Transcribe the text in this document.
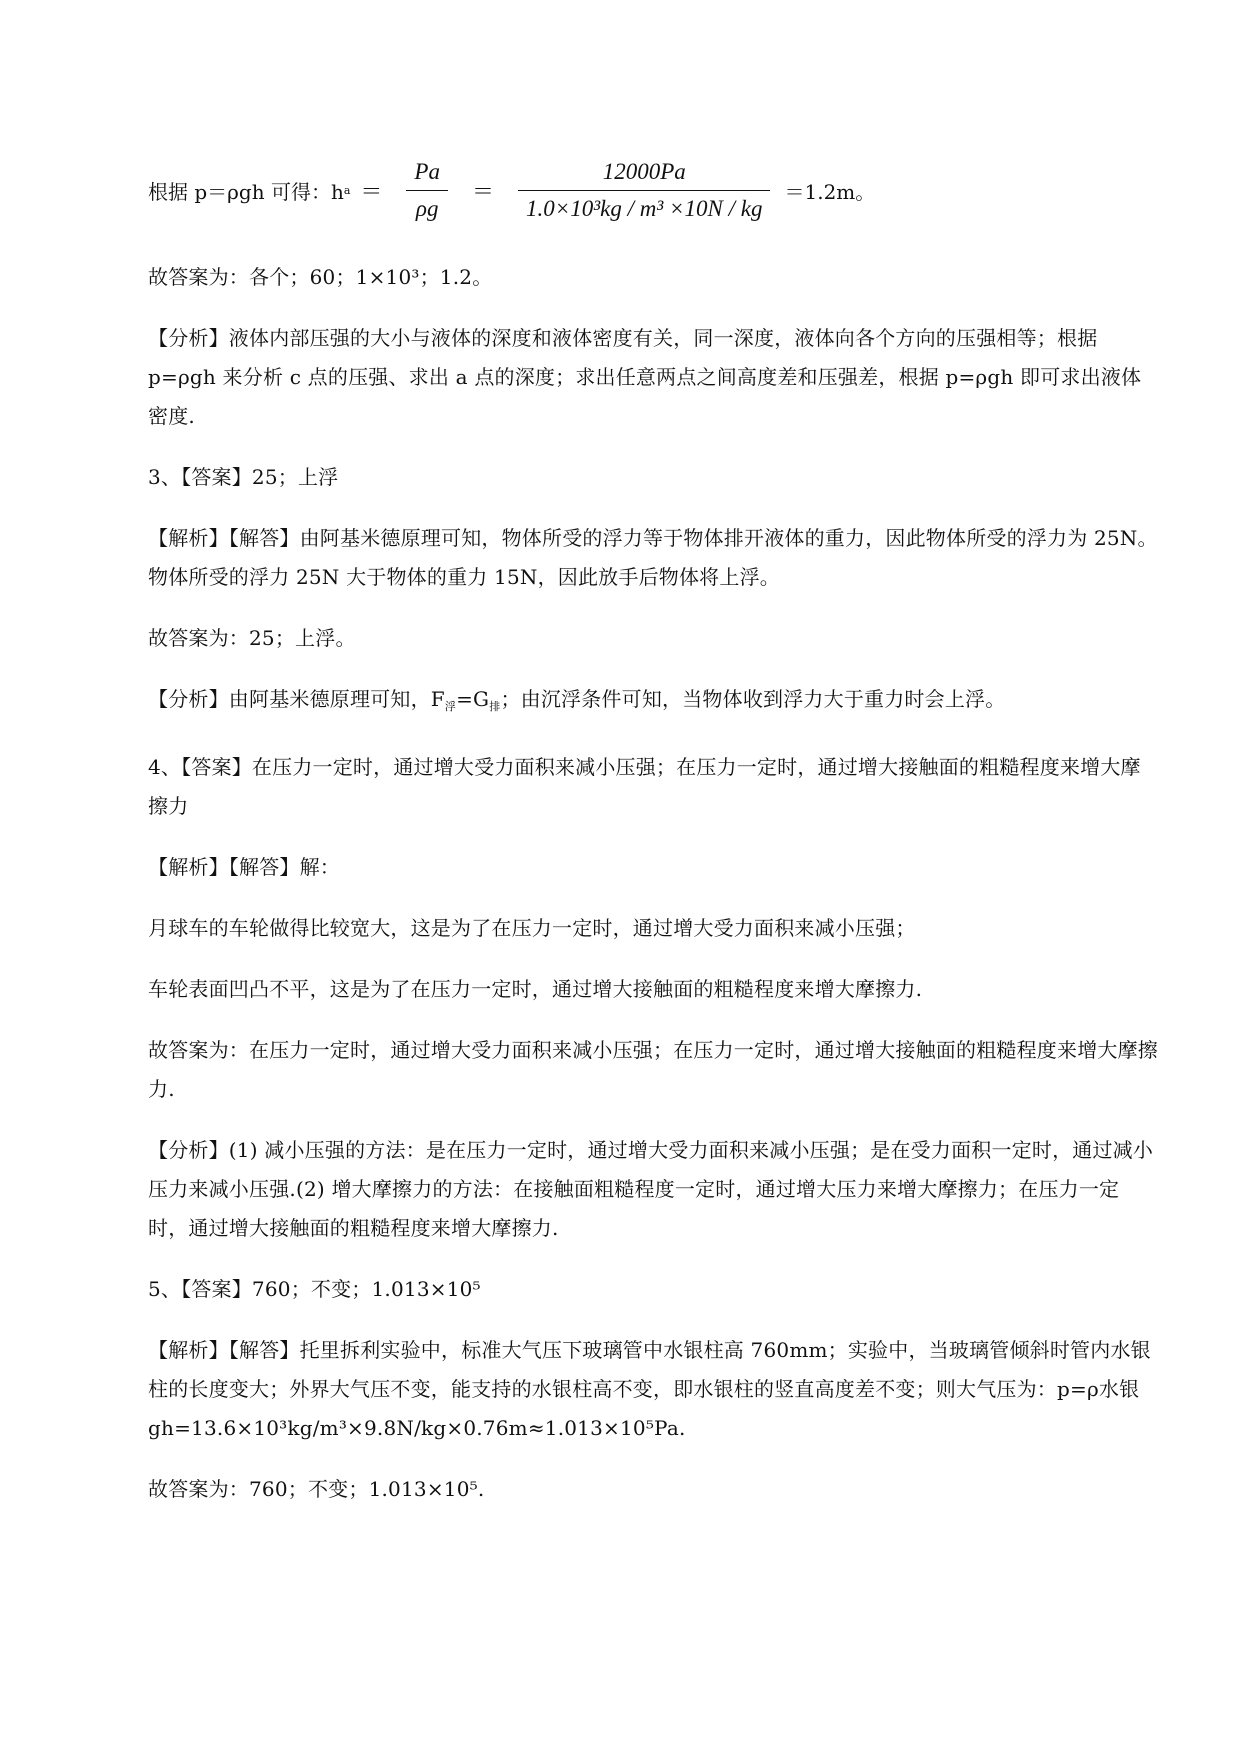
根据 p＝ρgh 可得：h $a = \frac{Pa}{\rho g} = \frac{12000Pa}{\text{1.0×10³kg / m³ ×10N / kg}} =1.2m$。

故答案为：各个；60；1×10³；1.2。

【分析】液体内部压强的大小与液体的深度和液体密度有关，同一深度，液体向各个方向的压强相等；根据 p=ρgh 来分析 c 点的压强、求出 a 点的深度；求出任意两点之间高度差和压强差，根据 p=ρgh 即可求出液体密度.

3、【答案】25；上浮

【解析】【解答】由阿基米德原理可知，物体所受的浮力等于物体排开液体的重力，因此物体所受的浮力为 25N。物体所受的浮力 25N 大于物体的重力 15N，因此放手后物体将上浮。

故答案为：25；上浮。

【分析】由阿基米德原理可知，$F_浮=G_排$；由沉浮条件可知，当物体收到浮力大于重力时会上浮。

4、【答案】在压力一定时，通过增大受力面积来减小压强；在压力一定时，通过增大接触面的粗糙程度来增大摩擦力

【解析】【解答】解：

月球车的车轮做得比较宽大，这是为了在压力一定时，通过增大受力面积来减小压强；

车轮表面凹凸不平，这是为了在压力一定时，通过增大接触面的粗糙程度来增大摩擦力.

故答案为：在压力一定时，通过增大受力面积来减小压强；在压力一定时，通过增大接触面的粗糙程度来增大摩擦力.

【分析】(1) 减小压强的方法：是在压力一定时，通过增大受力面积来减小压强；是在受力面积一定时，通过减小压力来减小压强.(2) 增大摩擦力的方法：在接触面粗糙程度一定时，通过增大压力来增大摩擦力；在压力一定时，通过增大接触面的粗糙程度来增大摩擦力.

5、【答案】760；不变；1.013×10⁵

【解析】【解答】托里拆利实验中，标准大气压下玻璃管中水银柱高 760mm；实验中，当玻璃管倾斜时管内水银柱的长度变大；外界大气压不变，能支持的水银柱高不变，即水银柱的竖直高度差不变；则大气压为：p=ρ水银 gh=13.6×10³kg/m³×9.8N/kg×0.76m≈1.013×10⁵Pa.

故答案为：760；不变；1.013×10⁵.
